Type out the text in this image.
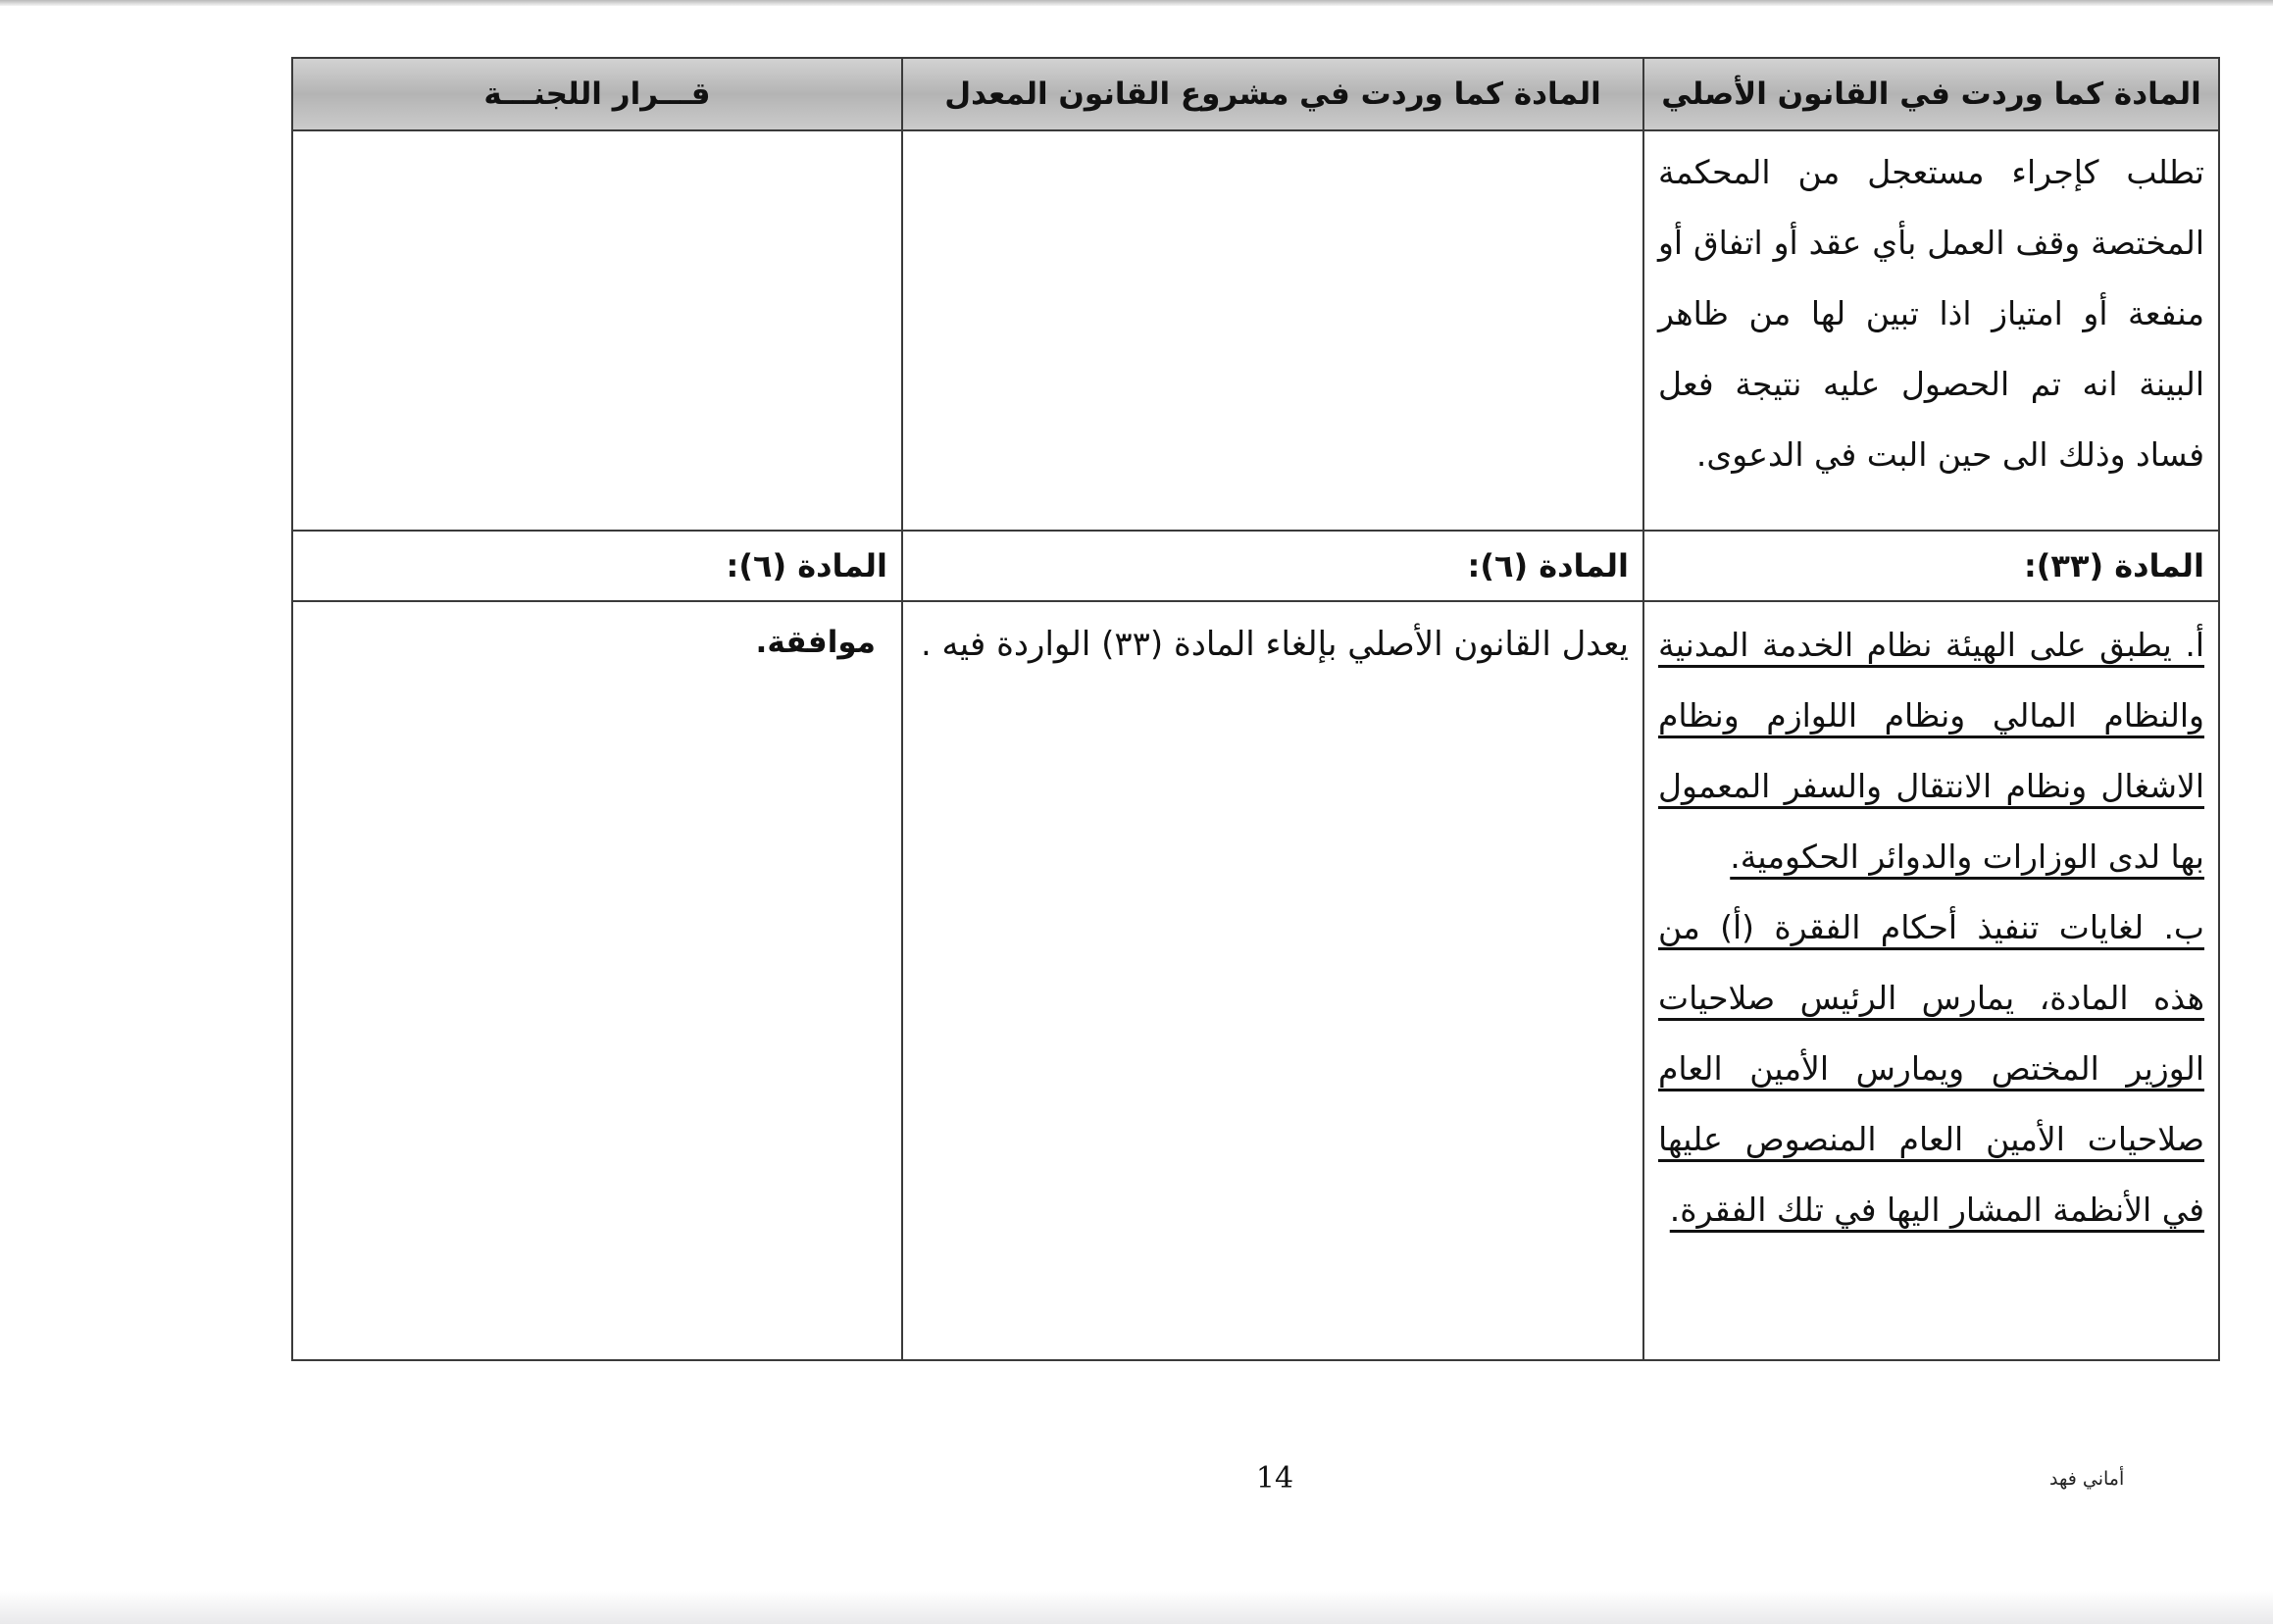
المادة كما وردت في القانون الأصلي	المادة كما وردت في مشروع القانون المعدل	قـــرار اللجنـــة

تطلب كإجراء مستعجل من المحكمة المختصة وقف العمل بأي عقد أو اتفاق أو منفعة أو امتياز اذا تبين لها من ظاهر البينة انه تم الحصول عليه نتيجة فعل فساد وذلك الى حين البت في الدعوى.		

المادة (٣٣):	المادة (٦):	المادة (٦):

أ. يطبق على الهيئة نظام الخدمة المدنية والنظام المالي ونظام اللوازم ونظام الاشغال ونظام الانتقال والسفر المعمول بها لدى الوزارات والدوائر الحكومية.
ب. لغايات تنفيذ أحكام الفقرة (أ) من هذه المادة، يمارس الرئيس صلاحيات الوزير المختص ويمارس الأمين العام صلاحيات الأمين العام المنصوص عليها في الأنظمة المشار اليها في تلك الفقرة.	يعدل القانون الأصلي بإلغاء المادة (٣٣) الواردة فيه .	موافقة.
14	أماني فهد
